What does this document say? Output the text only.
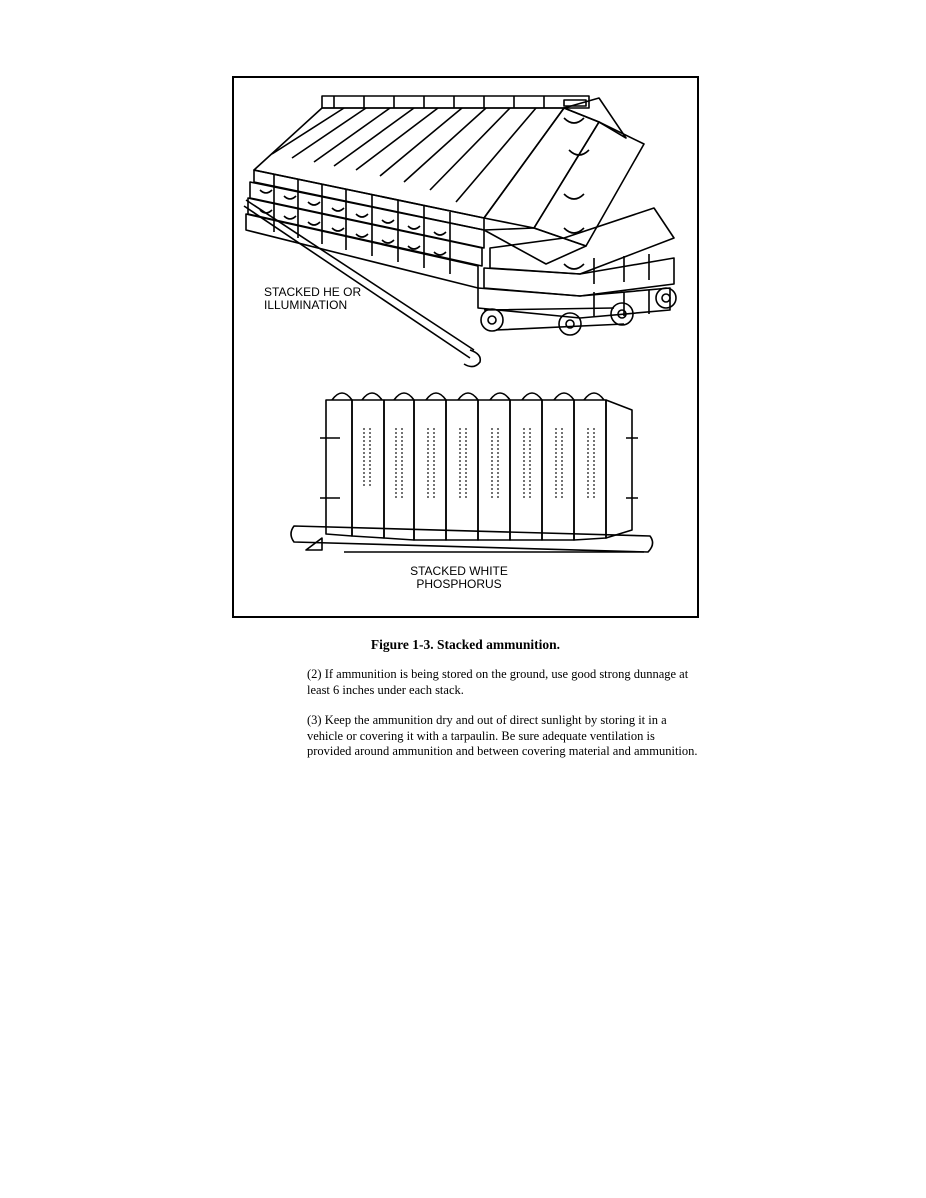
STACKED HE OR
ILLUMINATION
STACKED WHITE
PHOSPHORUS
Figure 1-3. Stacked ammunition.

(2) If ammunition is being stored on the ground, use good strong dunnage at least 6 inches under each stack.

(3) Keep the ammunition dry and out of direct sunlight by storing it in a vehicle or covering it with a tarpaulin. Be sure adequate ventilation is provided around ammunition and between covering material and ammunition.
